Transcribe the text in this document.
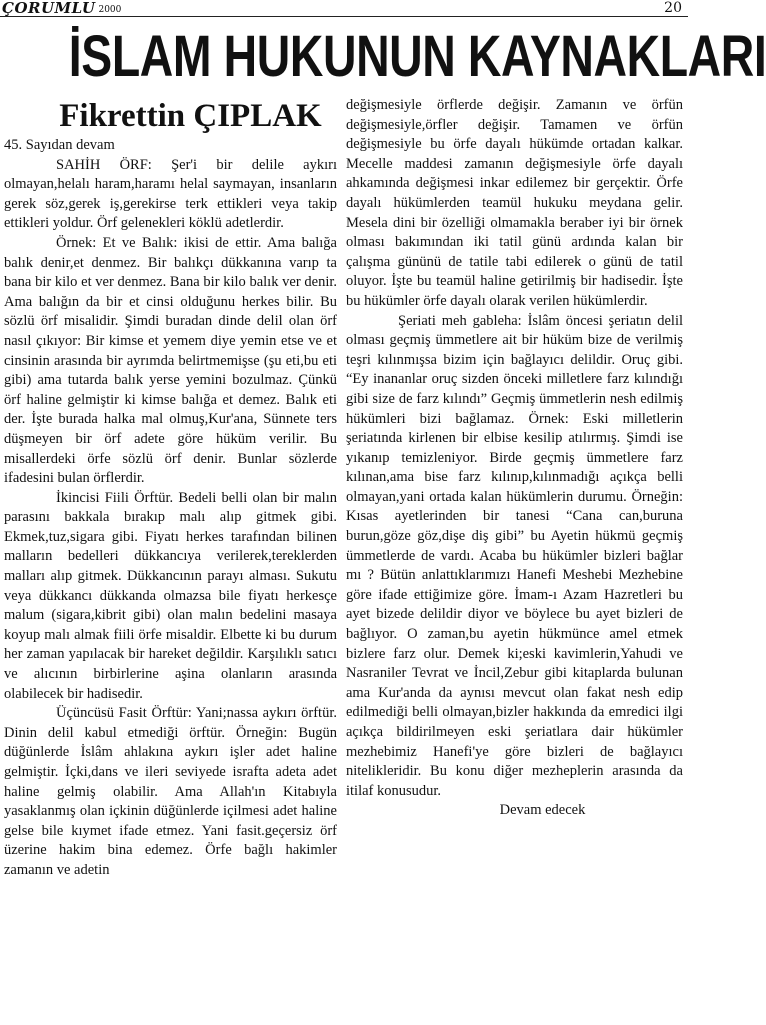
ÇORUMLU 2000	20
İSLAM HUKUNUN KAYNAKLARI
Fikrettin ÇIPLAK

45. Sayıdan devam

SAHİH ÖRF: Şer'i bir delile aykırı olmayan,helalı haram,haramı helal saymayan, insanların gerek söz,gerek iş,gerekirse terk ettikleri veya takip ettikleri yoldur. Örf gelenekleri köklü adetlerdir.

Örnek: Et ve Balık: ikisi de ettir. Ama balığa balık denir,et denmez. Bir balıkçı dükkanına varıp ta bana bir kilo et ver denmez. Bana bir kilo balık ver denir. Ama balığın da bir et cinsi olduğunu herkes bilir. Bu sözlü örf misalidir. Şimdi buradan dinde delil olan örf nasıl çıkıyor: Bir kimse et yemem diye yemin etse ve et cinsinin arasında bir ayrımda belirtmemişse (şu eti,bu eti gibi) ama tutarda balık yerse yemini bozulmaz. Çünkü örf haline gelmiştir ki kimse balığa et demez. Balık eti der. İşte burada halka mal olmuş,Kur'ana, Sünnete ters düşmeyen bir örf adete göre hüküm verilir. Bu misallerdeki örfe sözlü örf denir. Bunlar sözlerde ifadesini bulan örflerdir.

İkincisi Fiili Örftür. Bedeli belli olan bir malın parasını bakkala bırakıp malı alıp gitmek gibi. Ekmek,tuz,sigara gibi. Fiyatı herkes tarafından bilinen malların bedelleri dükkancıya verilerek,tereklerden malları alıp gitmek. Dükkancının parayı alması. Sukutu veya dükkancı dükkanda olmazsa bile fiyatı herkesçe malum (sigara,kibrit gibi) olan malın bedelini masaya koyup malı almak fiili örfe misaldir. Elbette ki bu durum her zaman yapılacak bir hareket değildir. Karşılıklı satıcı ve alıcının birbirlerine aşina olanların arasında olabilecek bir hadisedir.

Üçüncüsü Fasit Örftür: Yani;nassa aykırı örftür. Dinin delil kabul etmediği örftür. Örneğin: Bugün düğünlerde İslâm ahlakına aykırı işler adet haline gelmiştir. İçki,dans ve ileri seviyede israfta adeta adet haline gelmiş olabilir. Ama Allah'ın Kitabıyla yasaklanmış olan içkinin düğünlerde içilmesi adet haline gelse bile kıymet ifade etmez. Yani fasit.geçersiz örf üzerine hakim bina edemez. Örfe bağlı hakimler zamanın ve adetin

değişmesiyle örflerde değişir. Zamanın ve örfün değişmesiyle,örfler değişir. Tamamen ve örfün değişmesiyle bu örfe dayalı hükümde ortadan kalkar. Mecelle maddesi zamanın değişmesiyle örfe dayalı ahkamında değişmesi inkar edilemez bir gerçektir. Örfe dayalı hükümlerden teamül hukuku meydana gelir. Mesela dini bir özelliği olmamakla beraber iyi bir örnek olması bakımından iki tatil günü ardında kalan bir çalışma gününü de tatile tabi edilerek o günü de tatil oluyor. İşte bu teamül haline getirilmiş bir hadisedir. İşte bu hükümler örfe dayalı olarak verilen hükümlerdir.

Şeriati meh gableha: İslâm öncesi şeriatın delil olması geçmiş ümmetlere ait bir hüküm bize de verilmiş teşri kılınmışsa bizim için bağlayıcı delildir. Oruç gibi. “Ey inananlar oruç sizden önceki milletlere farz kılındığı gibi size de farz kılındı” Geçmiş ümmetlerin nesh edilmiş hükümleri bizi bağlamaz. Örnek: Eski milletlerin şeriatında kirlenen bir elbise kesilip atılırmış. Şimdi ise yıkanıp temizleniyor. Birde geçmiş ümmetlere farz kılınan,ama bise farz kılınıp,kılınmadığı açıkça belli olmayan,yani ortada kalan hükümlerin durumu. Örneğin: Kısas ayetlerinden bir tanesi “Cana can,buruna burun,göze göz,dişe diş gibi” bu Ayetin hükmü geçmiş ümmetlerde de vardı. Acaba bu hükümler bizleri bağlar mı ? Bütün anlattıklarımızı Hanefi Meshebi Mezhebine göre ifade ettiğimize göre. İmam-ı Azam Hazretleri bu ayet bizede delildir diyor ve böylece bu ayet bizleri de bağlıyor. O zaman,bu ayetin hükmünce amel etmek bizlere farz olur. Demek ki;eski kavimlerin,Yahudi ve Nasraniler Tevrat ve İncil,Zebur gibi kitaplarda bulunan ama Kur'anda da aynısı mevcut olan fakat nesh edip edilmediği belli olmayan,bizler hakkında da emredici ilgi açıkça bildirilmeyen eski şeriatlara dair hükümler mezhebimiz Hanefi'ye göre bizleri de bağlayıcı nitelikleridir. Bu konu diğer mezheplerin arasında da itilaf konusudur.

Devam edecek
